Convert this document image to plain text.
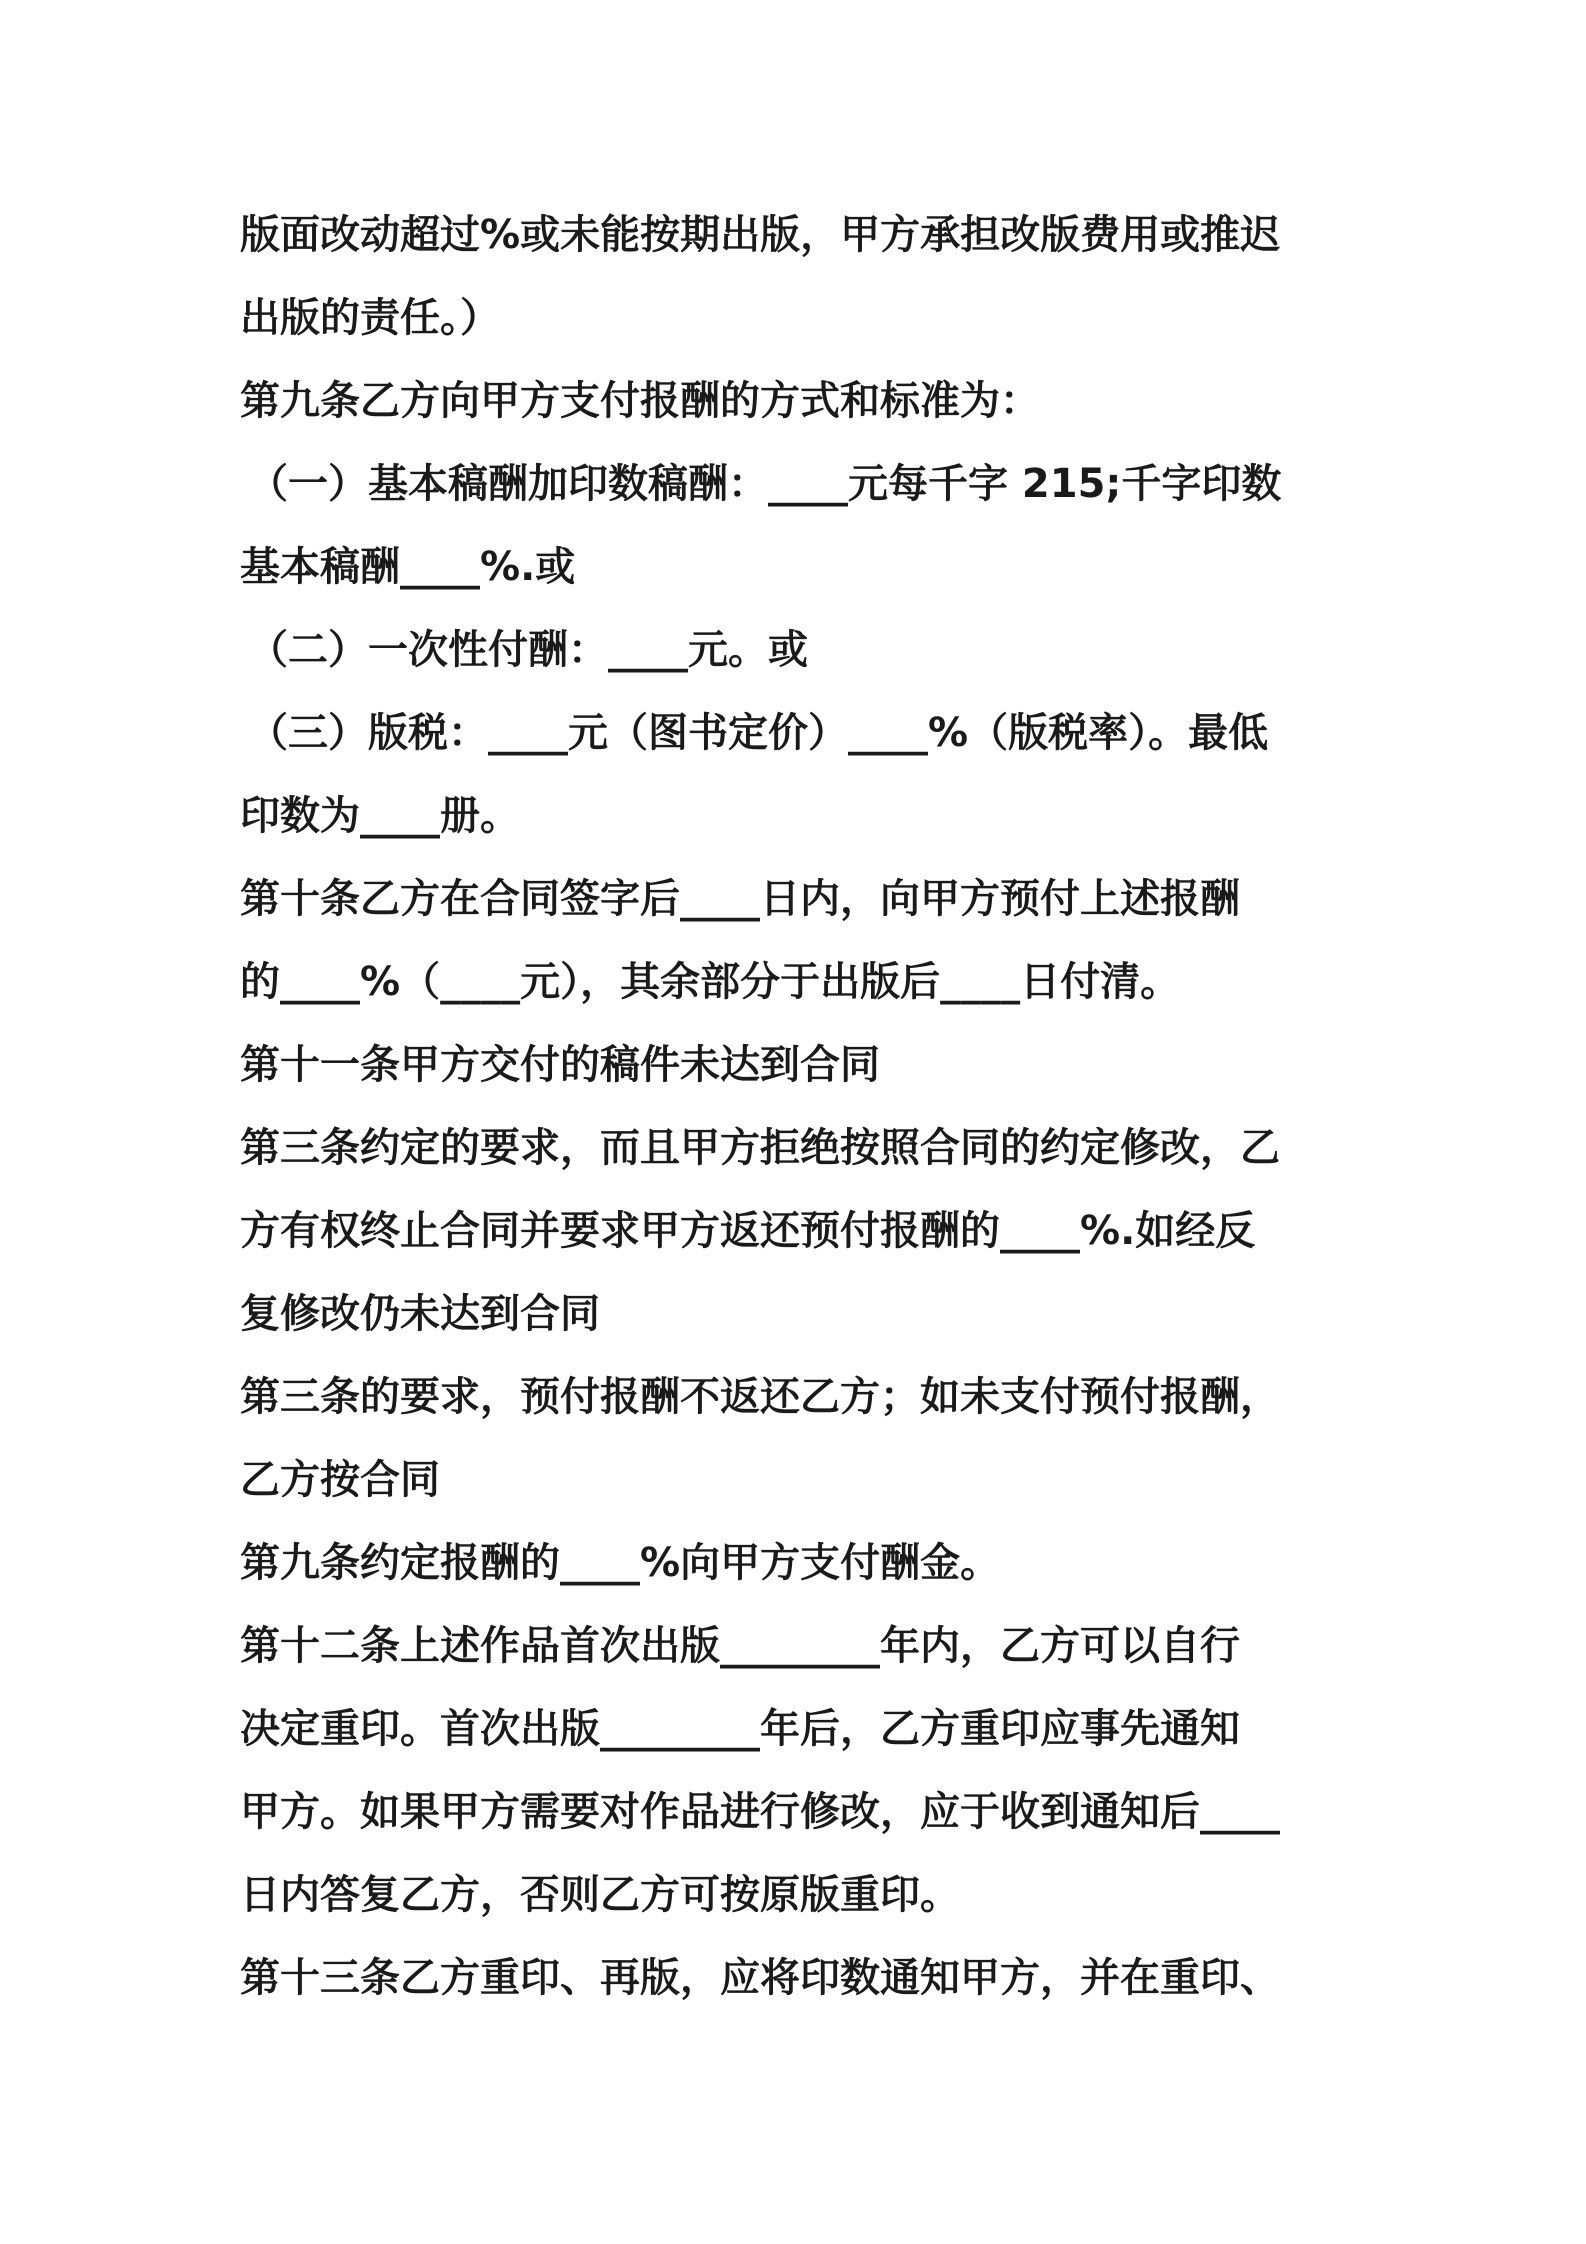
版面改动超过%或未能按期出版，甲方承担改版费用或推迟
出版的责任。）
第九条乙方向甲方支付报酬的方式和标准为：
（一）基本稿酬加印数稿酬：____元每千字 215;千字印数
基本稿酬____%.或
（二）一次性付酬：____元。或
（三）版税：____元（图书定价）____%（版税率）。最低
印数为____册。
第十条乙方在合同签字后____日内，向甲方预付上述报酬
的____%（____元），其余部分于出版后____日付清。
第十一条甲方交付的稿件未达到合同
第三条约定的要求，而且甲方拒绝按照合同的约定修改，乙
方有权终止合同并要求甲方返还预付报酬的____%.如经反
复修改仍未达到合同
第三条的要求，预付报酬不返还乙方；如未支付预付报酬，
乙方按合同
第九条约定报酬的____%向甲方支付酬金。
第十二条上述作品首次出版________年内，乙方可以自行
决定重印。首次出版________年后，乙方重印应事先通知
甲方。如果甲方需要对作品进行修改，应于收到通知后____
日内答复乙方，否则乙方可按原版重印。
第十三条乙方重印、再版，应将印数通知甲方，并在重印、
